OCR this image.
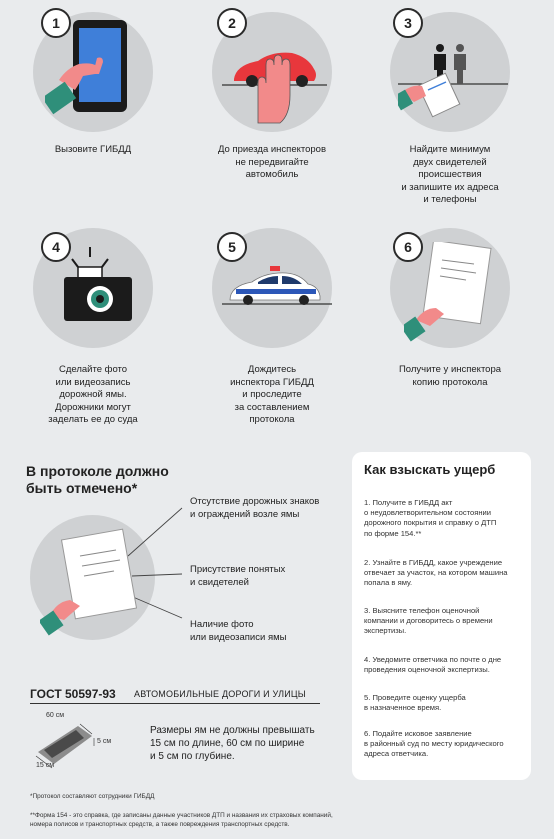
1
Вызовите ГИБДД
2
До приезда инспекторов
не передвигайте
автомобиль
3
Найдите минимум
двух свидетелей
происшествия
и запишите их адреса
и телефоны
4
Сделайте фото
или видеозапись
дорожной ямы.
Дорожники могут
заделать ее до суда
5
Дождитесь
инспектора ГИБДД
и проследите
за составлением
протокола
6
Получите у инспектора
копию протокола
В протоколе должно
быть отмечено*
Отсутствие дорожных знаков
и ограждений возле ямы
Присутствие понятых
и свидетелей
Наличие фото
или видеозаписи ямы
Как взыскать ущерб
1. Получите в ГИБДД акт
о неудовлетворительном состоянии
дорожного покрытия и справку о ДТП
по форме 154.**
2. Узнайте в ГИБДД, какое учреждение
отвечает за участок, на котором машина
попала в яму.
3. Выясните телефон оценочной
компании и договоритесь о времени
экспертизы.
4. Уведомите ответчика по почте о дне
проведения оценочной экспертизы.
5. Проведите оценку ущерба
в назначенное время.
6. Подайте исковое заявление
в районный суд по месту юридического
адреса ответчика.
ГОСТ 50597-93 АВТОМОБИЛЬНЫЕ ДОРОГИ И УЛИЦЫ
60 см
5 см
15 см
Размеры ям не должны превышать
15 см по длине, 60 см по ширине
и 5 см по глубине.
*Протокол составляют сотрудники ГИБДД
**Форма 154 - это справка, где записаны данные участников ДТП и названия их страховых компаний,
номера полисов и транспортных средств, а также повреждения транспортных средств.
